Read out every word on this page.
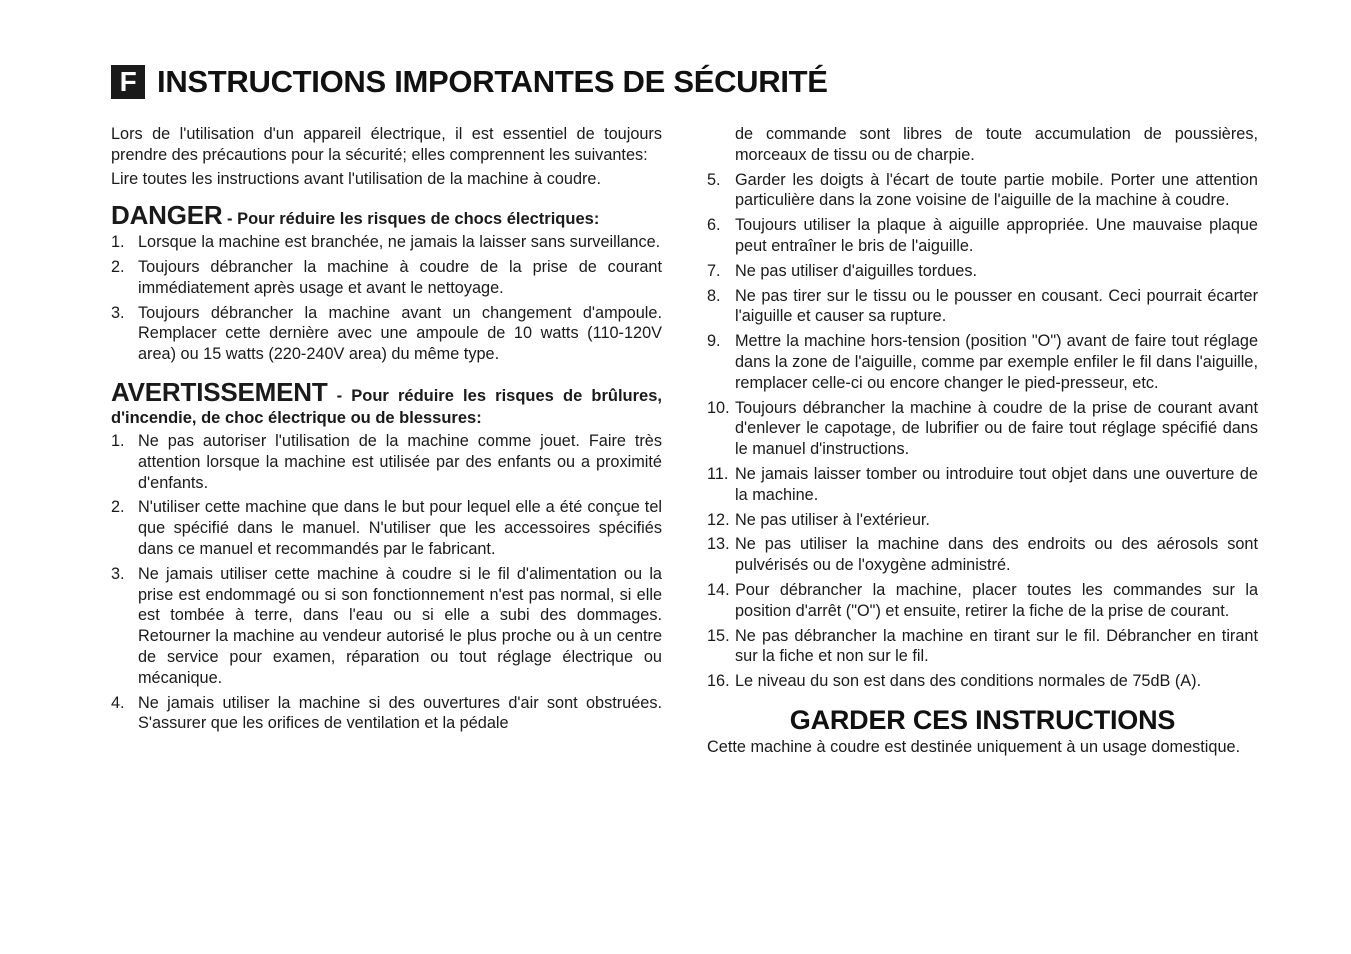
F INSTRUCTIONS IMPORTANTES DE SÉCURITÉ

Lors de l'utilisation d'un appareil électrique, il est essentiel de toujours prendre des précautions pour la sécurité; elles comprennent les suivantes:

Lire toutes les instructions avant l'utilisation de la machine à coudre.

DANGER - Pour réduire les risques de chocs électriques:
1. Lorsque la machine est branchée, ne jamais la laisser sans surveillance.
2. Toujours débrancher la machine à coudre de la prise de courant immédiatement après usage et avant le nettoyage.
3. Toujours débrancher la machine avant un changement d'ampoule. Remplacer cette dernière avec une ampoule de 10 watts (110-120V area) ou 15 watts (220-240V area) du même type.
AVERTISSEMENT - Pour réduire les risques de brûlures, d'incendie, de choc électrique ou de blessures:
1. Ne pas autoriser l'utilisation de la machine comme jouet. Faire très attention lorsque la machine est utilisée par des enfants ou a proximité d'enfants.
2. N'utiliser cette machine que dans le but pour lequel elle a été conçue tel que spécifié dans le manuel. N'utiliser que les accessoires spécifiés dans ce manuel et recommandés par le fabricant.
3. Ne jamais utiliser cette machine à coudre si le fil d'alimentation ou la prise est endommagé ou si son fonctionnement n'est pas normal, si elle est tombée à terre, dans l'eau ou si elle a subi des dommages. Retourner la machine au vendeur autorisé le plus proche ou à un centre de service pour examen, réparation ou tout réglage électrique ou mécanique.
4. Ne jamais utiliser la machine si des ouvertures d'air sont obstruées. S'assurer que les orifices de ventilation et la pédale
de commande sont libres de toute accumulation de poussières, morceaux de tissu ou de charpie.
5. Garder les doigts à l'écart de toute partie mobile. Porter une attention particulière dans la zone voisine de l'aiguille de la machine à coudre.
6. Toujours utiliser la plaque à aiguille appropriée. Une mauvaise plaque peut entraîner le bris de l'aiguille.
7. Ne pas utiliser d'aiguilles tordues.
8. Ne pas tirer sur le tissu ou le pousser en cousant. Ceci pourrait écarter l'aiguille et causer sa rupture.
9. Mettre la machine hors-tension (position "O") avant de faire tout réglage dans la zone de l'aiguille, comme par exemple enfiler le fil dans l'aiguille, remplacer celle-ci ou encore changer le pied-presseur, etc.
10. Toujours débrancher la machine à coudre de la prise de courant avant d'enlever le capotage, de lubrifier ou de faire tout réglage spécifié dans le manuel d'instructions.
11. Ne jamais laisser tomber ou introduire tout objet dans une ouverture de la machine.
12. Ne pas utiliser à l'extérieur.
13. Ne pas utiliser la machine dans des endroits ou des aérosols sont pulvérisés ou de l'oxygène administré.
14. Pour débrancher la machine, placer toutes les commandes sur la position d'arrêt ("O") et ensuite, retirer la fiche de la prise de courant.
15. Ne pas débrancher la machine en tirant sur le fil. Débrancher en tirant sur la fiche et non sur le fil.
16. Le niveau du son est dans des conditions normales de 75dB (A).
GARDER CES INSTRUCTIONS

Cette machine à coudre est destinée uniquement à un usage domestique.
